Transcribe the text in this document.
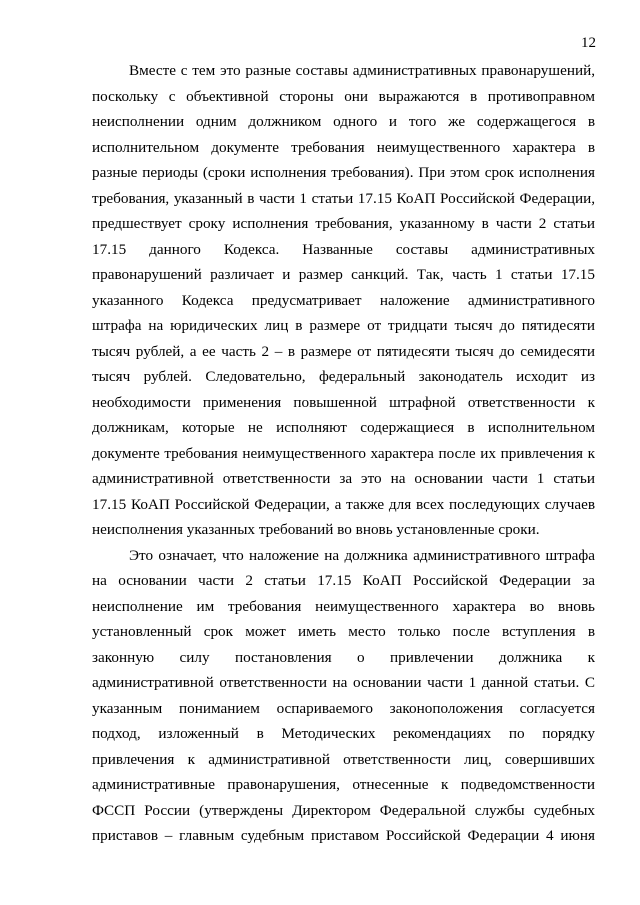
12
Вместе с тем это разные составы административных правонарушений,
поскольку с объективной стороны они выражаются в противоправном
неисполнении одним должником одного и того же содержащегося в
исполнительном документе требования неимущественного характера в
разные периоды (сроки исполнения требования). При этом срок исполнения
требования, указанный в части 1 статьи 17.15 КоАП Российской Федерации,
предшествует сроку исполнения требования, указанному в части 2 статьи
17.15 данного Кодекса. Названные составы административных
правонарушений различает и размер санкций. Так, часть 1 статьи 17.15
указанного Кодекса предусматривает наложение административного
штрафа на юридических лиц в размере от тридцати тысяч до пятидесяти
тысяч рублей, а ее часть 2 – в размере от пятидесяти тысяч до семидесяти
тысяч рублей. Следовательно, федеральный законодатель исходит из
необходимости применения повышенной штрафной ответственности к
должникам, которые не исполняют содержащиеся в исполнительном
документе требования неимущественного характера после их привлечения к
административной ответственности за это на основании части 1 статьи
17.15 КоАП Российской Федерации, а также для всех последующих случаев
неисполнения указанных требований во вновь установленные сроки.
Это означает, что наложение на должника административного штрафа
на основании части 2 статьи 17.15 КоАП Российской Федерации за
неисполнение им требования неимущественного характера во вновь
установленный срок может иметь место только после вступления в
законную силу постановления о привлечении должника к
административной ответственности на основании части 1 данной статьи. С
указанным пониманием оспариваемого законоположения согласуется
подход, изложенный в Методических рекомендациях по порядку
привлечения к административной ответственности лиц, совершивших
административные правонарушения, отнесенные к подведомственности
ФССП России (утверждены Директором Федеральной службы судебных
приставов – главным судебным приставом Российской Федерации 4 июня
